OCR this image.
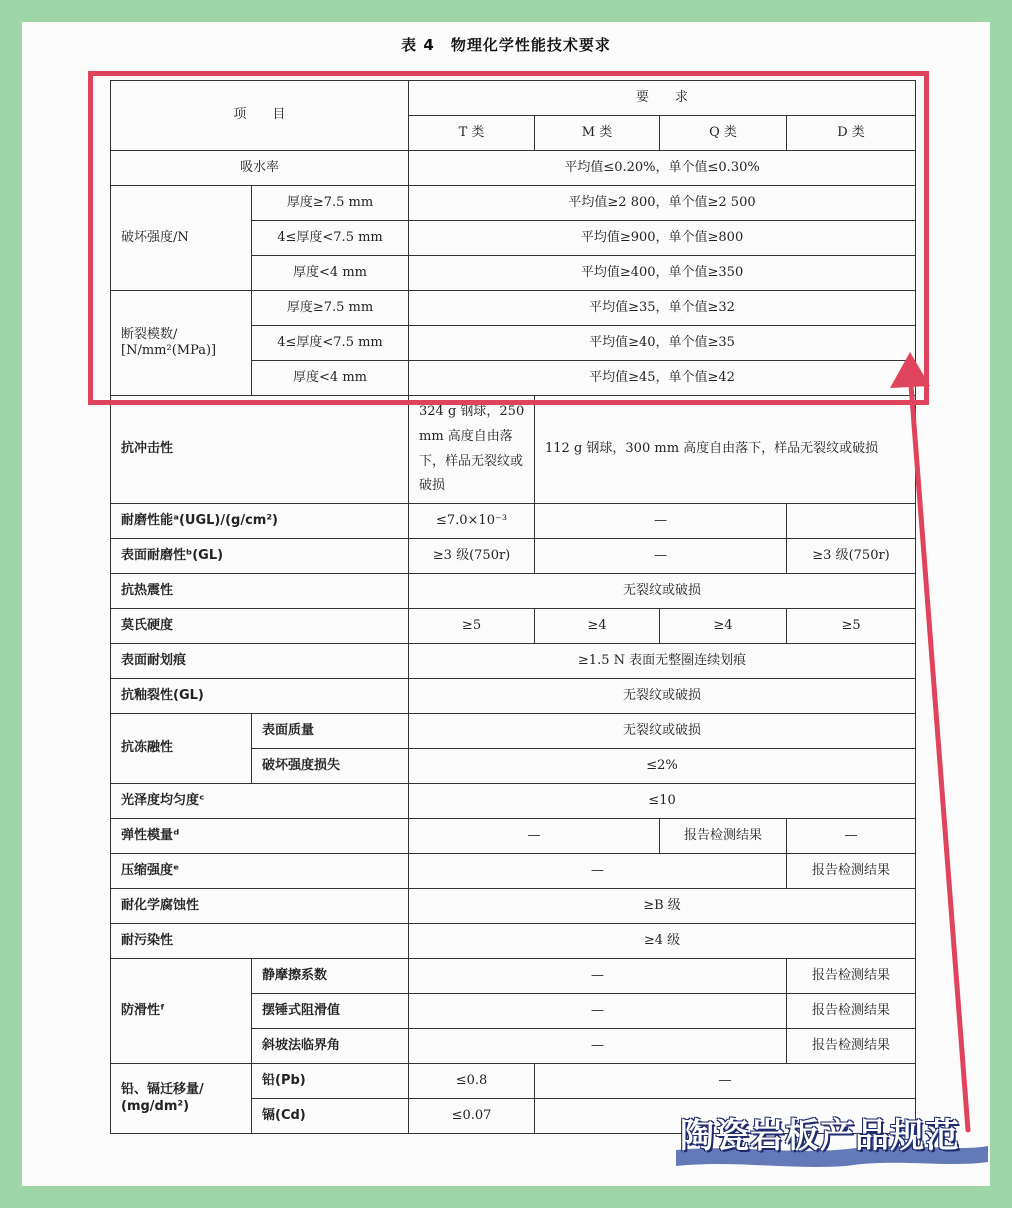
表 4　物理化学性能技术要求
项　　目		要　　求			
		T 类	M 类	Q 类	D 类
吸水率		平均值≤0.20%，单个值≤0.30%			
破坏强度/N	厚度≥7.5 mm	平均值≥2 800，单个值≥2 500			
	4≤厚度<7.5 mm	平均值≥900，单个值≥800			
	厚度<4 mm	平均值≥400，单个值≥350			

断裂模数/
[N/mm²(MPa)]	厚度≥7.5 mm	平均值≥35，单个值≥32			
	4≤厚度<7.5 mm	平均值≥40，单个值≥35			
	厚度<4 mm	平均值≥45，单个值≥42			
抗冲击性		324 g 钢球，250 mm 高度自由落下，样品无裂纹或破损	112 g 钢球，300 mm 高度自由落下，样品无裂纹或破损		
耐磨性能ᵃ(UGL)/(g/cm²)		≤7.0×10⁻³	—		
表面耐磨性ᵇ(GL)		≥3 级(750r)	—		≥3 级(750r)
抗热震性		无裂纹或破损			
莫氏硬度		≥5	≥4	≥4	≥5
表面耐划痕		≥1.5 N 表面无整圈连续划痕			
抗釉裂性(GL)		无裂纹或破损			
抗冻融性	表面质量	无裂纹或破损			
	破坏强度损失	≤2%			
光泽度均匀度ᶜ		≤10			
弹性模量ᵈ		—		报告检测结果	—
压缩强度ᵉ		—			报告检测结果
耐化学腐蚀性		≥B 级			
耐污染性		≥4 级			
防滑性ᶠ	静摩擦系数	—			报告检测结果
	摆锤式阻滑值	—			报告检测结果
	斜坡法临界角	—			报告检测结果

铅、镉迁移量/
(mg/dm²)	铅(Pb)	≤0.8	—		
	镉(Cd)	≤0.07			
陶瓷岩板产品规范
